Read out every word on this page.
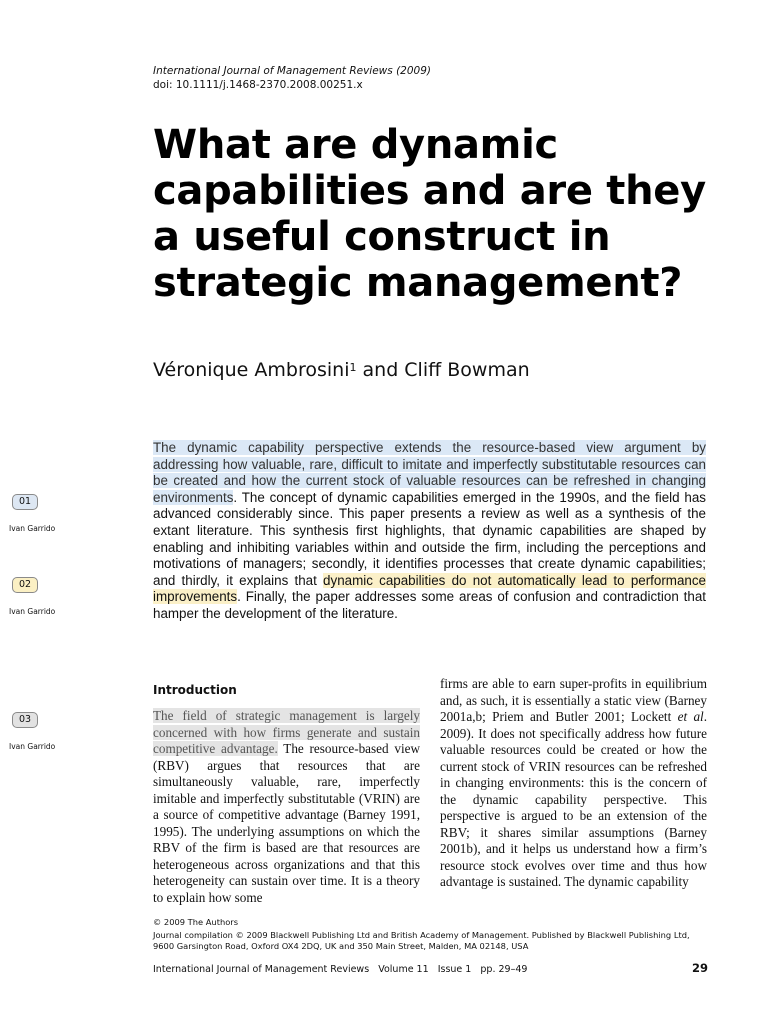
International Journal of Management Reviews (2009)
doi: 10.1111/j.1468-2370.2008.00251.x
What are dynamic capabilities and are they a useful construct in strategic management?
Véronique Ambrosini$^1$ and Cliff Bowman

The dynamic capability perspective extends the resource-based view argument by addressing how valuable, rare, difficult to imitate and imperfectly substitutable resources can be created and how the current stock of valuable resources can be refreshed in changing environments. The concept of dynamic capabilities emerged in the 1990s, and the field has advanced considerably since. This paper presents a review as well as a synthesis of the extant literature. This synthesis first highlights, that dynamic capabilities are shaped by enabling and inhibiting variables within and outside the firm, including the perceptions and motivations of managers; secondly, it identifies processes that create dynamic capabilities; and thirdly, it explains that dynamic capabilities do not automatically lead to performance improvements. Finally, the paper addresses some areas of confusion and contradiction that hamper the development of the literature.

01
Ivan Garrido
02
Ivan Garrido
03
Ivan Garrido
Introduction

The field of strategic management is largely concerned with how firms generate and sustain competitive advantage. The resource-based view (RBV) argues that resources that are simultaneously valuable, rare, imperfectly imitable and imperfectly substitutable (VRIN) are a source of competitive advantage (Barney 1991, 1995). The underlying assumptions on which the RBV of the firm is based are that resources are heterogeneous across organizations and that this heterogeneity can sustain over time. It is a theory to explain how some

firms are able to earn super-profits in equilibrium and, as such, it is essentially a static view (Barney 2001a,b; Priem and Butler 2001; Lockett et al. 2009). It does not specifically address how future valuable resources could be created or how the current stock of VRIN resources can be refreshed in changing environments: this is the concern of the dynamic capability perspective. This perspective is argued to be an extension of the RBV; it shares similar assumptions (Barney 2001b), and it helps us understand how a firm’s resource stock evolves over time and thus how advantage is sustained. The dynamic capability

© 2009 The Authors
Journal compilation © 2009 Blackwell Publishing Ltd and British Academy of Management. Published by Blackwell Publishing Ltd, 9600 Garsington Road, Oxford OX4 2DQ, UK and 350 Main Street, Malden, MA 02148, USA
International Journal of Management Reviews   Volume 11   Issue 1   pp. 29–49	29
